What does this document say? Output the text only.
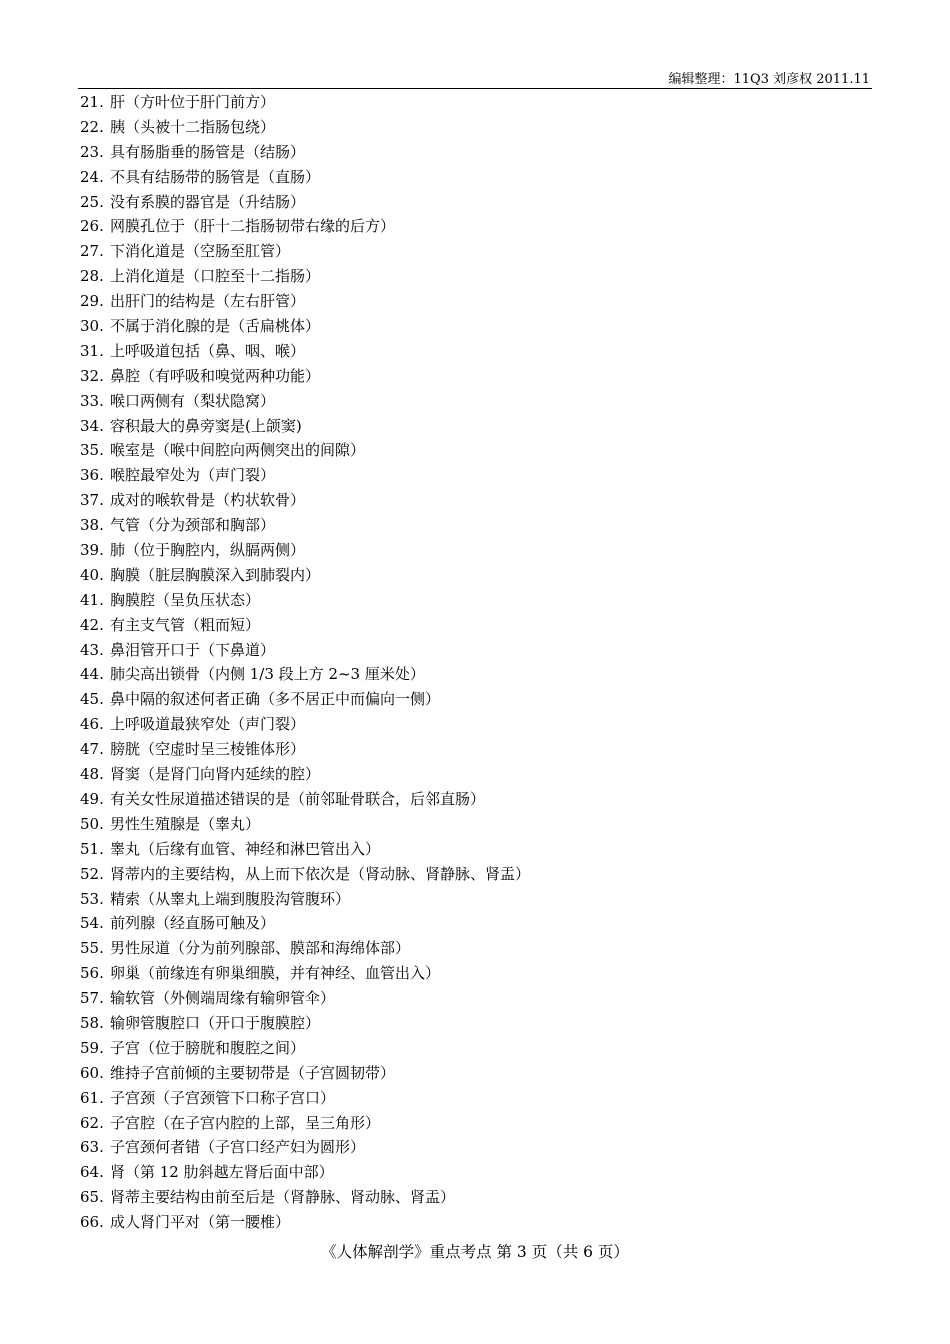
编辑整理：11Q3 刘彦权 2011.11
21. 肝（方叶位于肝门前方）
22. 胰（头被十二指肠包绕）
23. 具有肠脂垂的肠管是（结肠）
24. 不具有结肠带的肠管是（直肠）
25. 没有系膜的器官是（升结肠）
26. 网膜孔位于（肝十二指肠韧带右缘的后方）
27. 下消化道是（空肠至肛管）
28. 上消化道是（口腔至十二指肠）
29. 出肝门的结构是（左右肝管）
30. 不属于消化腺的是（舌扁桃体）
31. 上呼吸道包括（鼻、咽、喉）
32. 鼻腔（有呼吸和嗅觉两种功能）
33. 喉口两侧有（梨状隐窝）
34. 容积最大的鼻旁窦是(上颌窦)
35. 喉室是（喉中间腔向两侧突出的间隙）
36. 喉腔最窄处为（声门裂）
37. 成对的喉软骨是（杓状软骨）
38. 气管（分为颈部和胸部）
39. 肺（位于胸腔内，纵膈两侧）
40. 胸膜（脏层胸膜深入到肺裂内）
41. 胸膜腔（呈负压状态）
42. 有主支气管（粗而短）
43. 鼻泪管开口于（下鼻道）
44. 肺尖高出锁骨（内侧 1/3 段上方 2~3 厘米处）
45. 鼻中隔的叙述何者正确（多不居正中而偏向一侧）
46. 上呼吸道最狭窄处（声门裂）
47. 膀胱（空虚时呈三棱锥体形）
48. 肾窦（是肾门向肾内延续的腔）
49. 有关女性尿道描述错误的是（前邻耻骨联合，后邻直肠）
50. 男性生殖腺是（睾丸）
51. 睾丸（后缘有血管、神经和淋巴管出入）
52. 肾蒂内的主要结构，从上而下依次是（肾动脉、肾静脉、肾盂）
53. 精索（从睾丸上端到腹股沟管腹环）
54. 前列腺（经直肠可触及）
55. 男性尿道（分为前列腺部、膜部和海绵体部）
56. 卵巢（前缘连有卵巢细膜，并有神经、血管出入）
57. 输软管（外侧端周缘有输卵管伞）
58. 输卵管腹腔口（开口于腹膜腔）
59. 子宫（位于膀胱和腹腔之间）
60. 维持子宫前倾的主要韧带是（子宫圆韧带）
61. 子宫颈（子宫颈管下口称子宫口）
62. 子宫腔（在子宫内腔的上部，呈三角形）
63. 子宫颈何者错（子宫口经产妇为圆形）
64. 肾（第 12 肋斜越左肾后面中部）
65. 肾蒂主要结构由前至后是（肾静脉、肾动脉、肾盂）
66. 成人肾门平对（第一腰椎）
《人体解剖学》重点考点 第 3 页（共 6 页）
